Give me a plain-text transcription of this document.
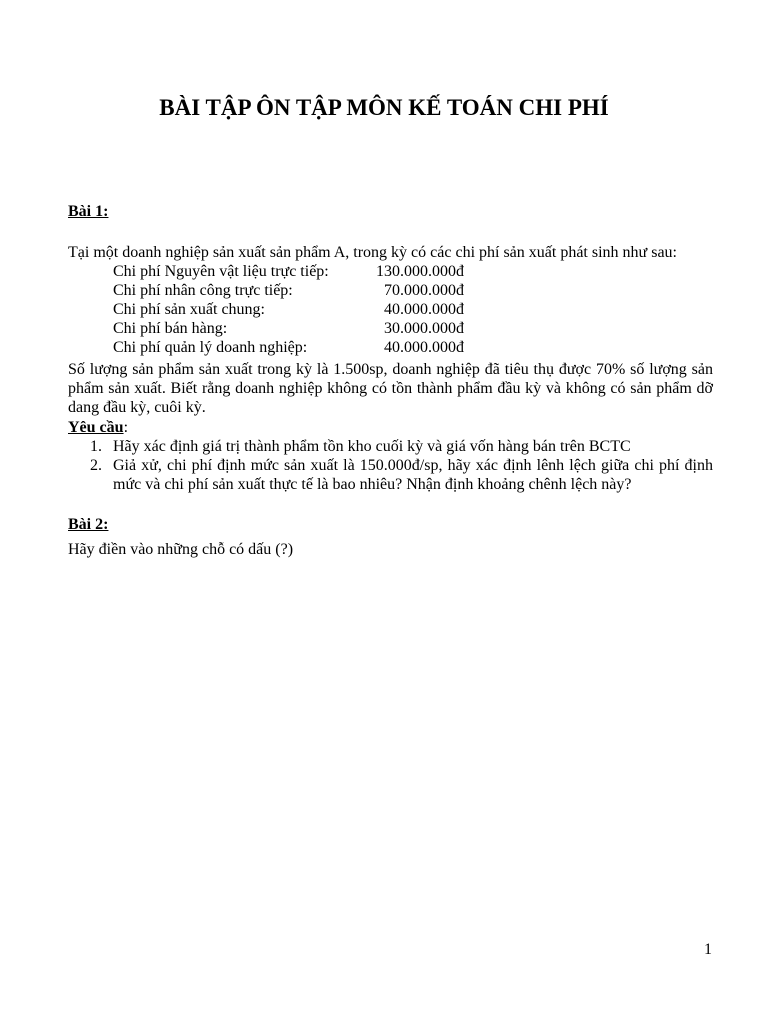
BÀI TẬP ÔN TẬP MÔN KẾ TOÁN CHI PHÍ

Bài 1:

Tại một doanh nghiệp sản xuất sản phẩm A, trong kỳ có các chi phí sản xuất phát sinh như sau:

Chi phí Nguyên vật liệu trực tiếp:	130.000.000đ
Chi phí nhân công trực tiếp:	70.000.000đ
Chi phí sản xuất chung:	40.000.000đ
Chi phí bán hàng:	30.000.000đ
Chi phí quản lý doanh nghiệp:	40.000.000đ

Số lượng sản phẩm sản xuất trong kỳ là 1.500sp, doanh nghiệp đã tiêu thụ được 70% số lượng sản phẩm sản xuất. Biết rằng doanh nghiệp không có tồn thành phẩm đầu kỳ và không có sản phẩm dỡ dang đầu kỳ, cuôi kỳ.

Yêu cầu:

1. Hãy xác định giá trị thành phẩm tồn kho cuối kỳ và giá vốn hàng bán trên BCTC
2. Giả xử, chi phí định mức sản xuất là 150.000đ/sp, hãy xác định lênh lệch giữa chi phí định mức và chi phí sản xuất thực tế là bao nhiêu? Nhận định khoảng chênh lệch này?

Bài 2:

Hãy điền vào những chỗ có dấu (?)

1
